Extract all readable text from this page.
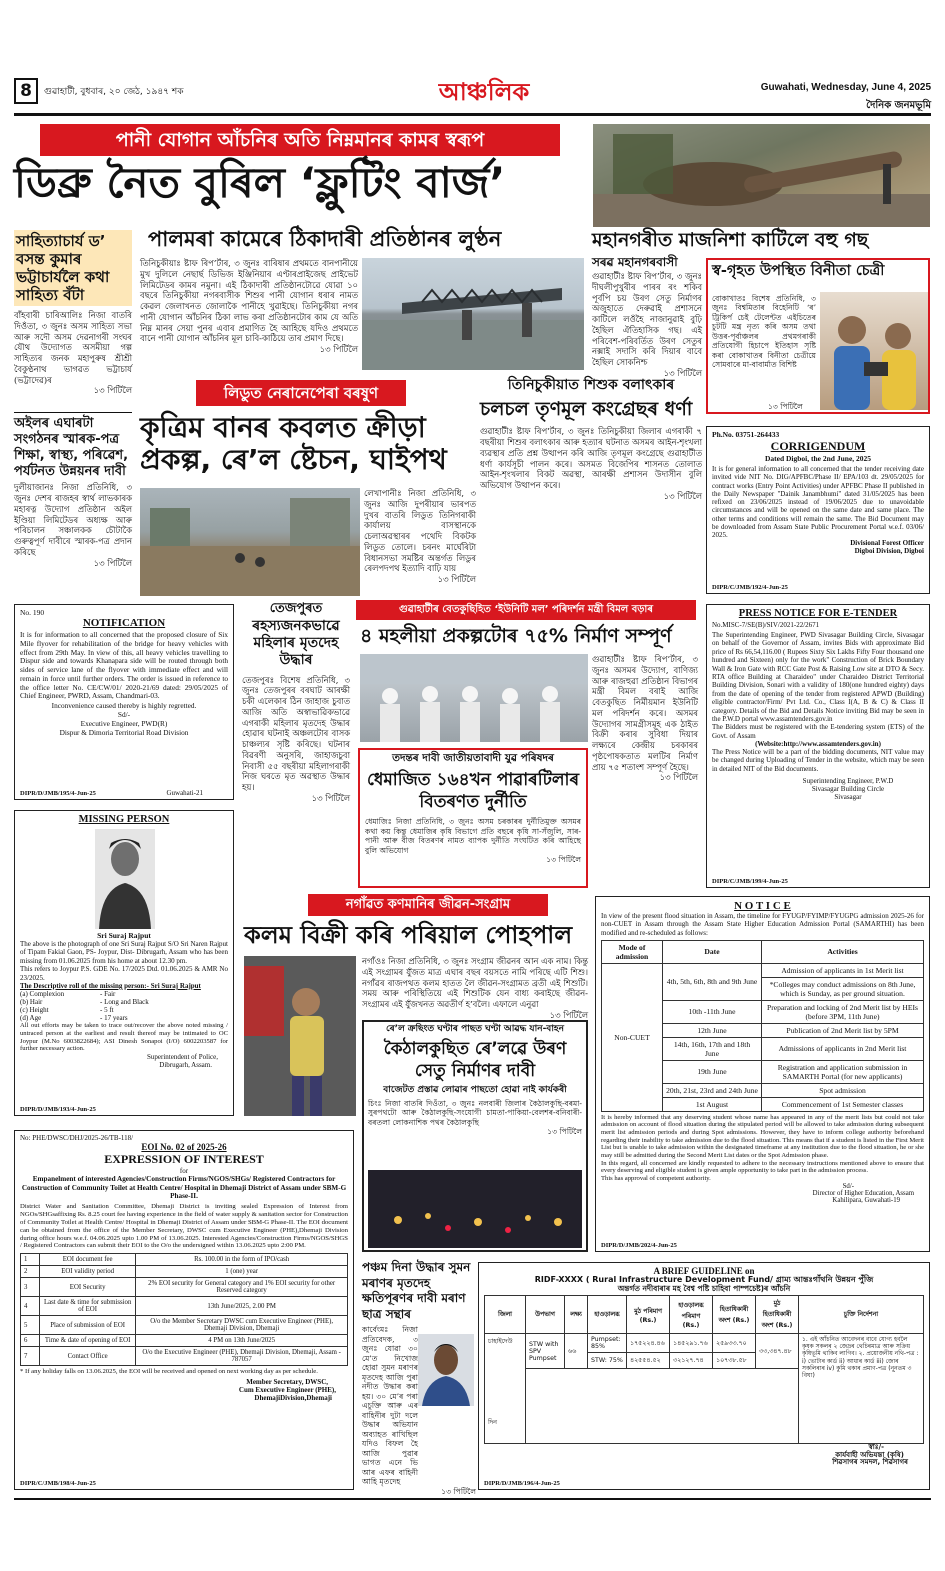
8	গুৱাহাটী, বুধবাৰ, ২০ জেঠ, ১৯৪৭ শক	আঞ্চলিক	Guwahati, Wednesday, June 4, 2025
দৈনিক জনমভূমি
পানী যোগান আঁচনিৰ অতি নিম্নমানৰ কামৰ স্বৰূপ
ডিব্ৰু নৈত বুৰিল ‘ফ্লুটিং বাৰ্জ’
সাহিত্যাচাৰ্য ড’ বসন্ত কুমাৰ ভট্টাচাৰ্যলৈ কথা সাহিত্য বঁটা
বাঁহবাৰী চাৰিআলিঃ নিজা বাতৰি দিওঁতা, ৩ জুনঃ অসম সাহিত্য সভা আৰু সদৌ অসম দেৱনাগৰী সংঘৰ যৌথ উদ্যোগত অসমীয়া গল্প সাহিত্যৰ জনক মহাপুৰুষ শ্ৰীশ্ৰী বৈকুণ্ঠনাথ ভাগৱত ভট্টাচাৰ্য (ভট্টাদেৱ)ৰ
১৩ পিটিলৈ
অইলৰ এঘাৰটা সংগঠনৰ স্মাৰক-পত্ৰ শিক্ষা, স্বাস্থ্য, পৰিৱেশ, পৰ্যটনত উন্নয়নৰ দাবী
দুলীয়াজানঃ নিজা প্ৰতিনিধি, ৩ জুনঃ দেশৰ ৰাজহৰ স্বাৰ্থ লাভকাৰক মহাৰত্ন উদ্যোগ প্ৰতিষ্ঠান অইল ইণ্ডিয়া লিমিটেডৰ অধ্যক্ষ আৰু পৰিচালন সঞ্চালকক চৌটাকৈ গুৰুত্বপূৰ্ণ দাবীৰে স্মাৰক-পত্ৰ প্ৰদান কৰিছে
১৩ পিটিলৈ
পালমৰা কামেৰে ঠিকাদাৰী প্ৰতিষ্ঠানৰ লুণ্ঠন
তিনিচুকীয়াঃ ষ্টাফ ৰিপ’ৰ্টাৰ, ৩ জুনঃ বাৰিষাৰ প্ৰথমতে বানপানীয়ে মুখ দুলিলে নেছাৰ্ছ ডিভিজ ইঞ্জিনিয়াৰ এণ্টাৰপ্ৰাইজেছ প্ৰাইভেট লিমিটেডৰ কামৰ নমুনা। এই ঠিকাদাৰী প্ৰতিষ্ঠানটোৱে যোৱা ১০ বছৰে তিনিচুকীয়া নগৰবাসীক শিশুৰ পানী যোগান ধৰাৰ নামত কেৱল জেলাখনত জোলাকৈ পানীহে খুৱাইছে। তিনিচুকীয়া নগৰ পানী যোগান আঁচনিৰ ঠিকা লাভ কৰা প্ৰতিষ্ঠানটোৰ কাম যে অতি নিম্ন মানৰ সেয়া পুনৰ এবাৰ প্ৰমাণিত হৈ আহিছে যদিও প্ৰথমতে বানে পানী যোগান আঁচনিৰ মূল চাবি-কাঠিয়ে তাৰ প্ৰমাণ দিছে।
১৩ পিটিলৈ
মহানগৰীত মাজনিশা কাটিলে বহু গছ
সৰৱ মহানগৰবাসী
গুৱাহাটীঃ ষ্টাফ ৰিপ’ৰ্টাৰ, ৩ জুনঃ দীঘলীপুখুৰীৰ পাৰৰ ৰং শকিব পূৰ্বপি চয় উৰণ সেতু নিৰ্মাণৰ অজুহাতে দেৰুৱাই প্ৰশাসনে কাটিলে লওঁহৈ নাজানুৱাই বুঢ়ি হৈছিল ঐতিহাসিক গছ। এই পৰিবেশ-পৰিবৰ্তিত উৰণ সেতুৰ নক্সাই সদাসি কৰি দিয়াৰ বাবে হৈছিল সোকনিশ্চ
১৩ পিটিলৈ
স্ব-গৃহত উপস্থিত বিনীতা চেত্ৰী
বোকাখাতঃ বিশেষ প্ৰতিনিধি, ৩ জুনঃ বিশ্বমিতাৰ বিহেনিটি ‘ৰ’ ট্ৰিকিৰ্প চেই টেলেন্টত এইচিতেৰ চুটটি মন্ত্ৰ নৃত্য কৰি অসম তথা উত্তৰ-পূৰ্বাঞ্চলৰ প্ৰথমগৰাকী প্ৰতিযোগী হিচাপে ইতিহাস সৃষ্টি কৰা বোকাখাতৰ বিনীতা চেত্ৰীয়ে সোমবাৰে মা-বাবাৰ্মাত বিশিষ্ট
১৩ পিটিলৈ
লিডুত নেৰানেপেৰা বৰষুণ
কৃত্ৰিম বানৰ কবলত ক্ৰীড়া প্ৰকল্প, ৰে’ল ষ্টেচন, ঘাইপথ
লেখাপানীঃ নিজা প্ৰতিনিধি, ৩ জুনঃ আজি দুপৰীয়াৰ ভাৰপত দুখৰ বাতৰি লিডুত তিনিগৰাকী কাৰ্যালয় বাসস্থানকে চেলাঅৱস্থাৰৰ পথেদি বিকটক লিডুত তোলে। চৰনং মাৰ্ঘেৰিটা বিধানসভা সমষ্টিৰ অন্তৰ্গত লিডুৰ ৰেলপদপথ ইত্যাদি বাঢ়ি যায়
১৩ পিটিলৈ
তিনিচুকীয়াত শিশুক বলাৎকাৰ
চলচল তৃণমূল কংগ্ৰেছৰ ধৰ্ণা
গুৱাহাটীঃ ষ্টাফ ৰিপ’ৰ্টাৰ, ৩ জুনঃ তিনিচুকীয়া জিলাৰ এগৰাকী ৭ বছৰীয়া শিশুৰ বলাৎকাৰ আৰু হত্যাৰ ঘটনাত অসমৰ আইন-শৃংখলা ব্যৱস্থাৰ প্ৰতি প্ৰশ্ন উত্থাপন কৰি আজি তৃণমূল কংগ্ৰেছে গুৱাহাটীত ধৰ্ণা কাৰ্যসূচী পালন কৰে। অসমত বিজেপিৰ শাসনত তোলাত আইন-শৃংখলাৰ বিকট অৱস্থা, আৰক্ষী প্ৰশাসন উদাসীন বুলি অভিযোগ উত্থাপন কৰে।
১৩ পিটিলৈ
Ph.No. 03751-264433
CORRIGENDUM
Dated Digboi, the 2nd June, 2025
It is for general information to all concerned that the tender receiving date invited vide NIT No. DIG/APFBC/Phase II/ EPA/103 dt. 29/05/2025 for contract works (Entry Point Activities) under APFBC Phase II published in the Daily Newspaper "Dainik Janambhumi" dated 31/05/2025 has been refixed on 23/06/2025 instead of 19/06/2025 due to unavoidable circumstances and will be opened on the same date and same place. The other terms and conditions will remain the same. The Bid Document may be downloaded from Assam State Public Procurement Portal w.e.f. 03/06/ 2025.
Divisional Forest Officer
Digboi Division, Digboi
DIPR/C/JMB/192/4-Jun-25
No. 190
NOTIFICATION
It is for information to all concerned that the proposed closure of Six Mile flyover for rehabilitation of the bridge for heavy vehicles with effect from 29th May. In view of this, all heavy vehicles travelling to Dispur side and towards Khanapara side will be routed through both sides of service lane of the flyover with immediate effect and will remain in force until further orders. The order is issued in reference to the office letter No. CE/CW/01/ 2020-21/69 dated: 29/05/2025 of Chief Engineer, PWRD, Assam, Chandmari-03.
Inconvenience caused thereby is highly regretted.
Sd/-
Executive Engineer, PWD(R)
Dispur & Dimoria Territorial Road Division
DIPR/D/JMB/195/4-Jun-25	Guwahati-21
তেজপুৰত
ৰহস্যজনকভাৱে মহিলাৰ মৃতদেহ উদ্ধাৰ
তেজপুৰঃ বিশেষ প্ৰতিনিধি, ৩ জুনঃ তেজপুৰৰ বৰঘাট আৰক্ষী চকী এলেকাৰ ঠিন জাহাজ চুবাত আজি অতি অস্বাভাৱিকভাৱে এগৰাকী মহিলাৰ মৃতদেহ উদ্ধাৰ হোৱাৰ ঘটনাই অঞ্চলটোৰ বাসক চাঞ্চল্যৰ সৃষ্টি কৰিছে। ঘটনাৰ বিৱৰণী অনুসৰি, জাহাজচুবা নিবাসী ৫৫ বছৰীয়া মহিলাগৰাকী নিজ ঘৰতে মৃত অৱস্থাত উদ্ধাৰ হয়।
১৩ পিটিলৈ
গুৱাহাটীৰ বেতকুছিহিত ‘ইউনিটি মল’ পৰিদৰ্শন মন্ত্ৰী বিমল বড়াৰ
৪ মহলীয়া প্ৰকল্পটোৰ ৭৫% নিৰ্মাণ সম্পূৰ্ণ
গুৱাহাটীঃ ষ্টাফ ৰিপ’ৰ্টাৰ, ৩ জুনঃ অসমৰ উদ্যোগ, বাণিজ্য আৰু ৰাজহুৱা প্ৰতিষ্ঠান বিভাগৰ মন্ত্ৰী বিমল বৰাই আজি বেতকুছিত নিৰ্মীয়মান ইউনিটি মল পৰিদৰ্শন কৰে। অসমৰ উদ্যোগৰ সামগ্ৰীসমূহ এক ঠাইত বিক্ৰী কৰাৰ সুবিধা দিয়াৰ লক্ষ্যৰে কেন্দ্ৰীয় চৰকাৰৰ পৃষ্ঠপোষকতাত মলটিৰ নিৰ্মাণ প্ৰায় ৭৫ শতাংশ সম্পূৰ্ণ হৈছে।
১৩ পিটিলৈ
তদন্তৰ দাবী জাতীয়তাবাদী যুৱ পৰিষদৰ
ধেমাজিত ১৬৪খন পাৱাৰটিলাৰ বিতৰণত দুৰ্নীতি
ধেমাজিঃ নিজা প্ৰতিনিধি, ৩ জুনঃ অসম চৰকাৰৰ দুৰ্নীতিমুক্ত অসমৰ কথা কয় কিন্তু ধেমাজিৰ কৃষি বিভাগে প্ৰতি বছৰে কৃষি সা-সঁজুলি, সাৰ-পানী আৰু বীজ বিতৰণৰ নামত ব্যাপক দুৰ্নীতি সংঘটিত কৰি আহিছে বুলি অভিযোগ
১৩ পিটিলৈ
PRESS NOTICE FOR E-TENDER
No.MISC-7/SE(B)/SIV/2021-22/2671
The Superintending Engineer, PWD Sivasagar Building Circle, Sivasagar on behalf of the Governor of Assam, invites Bids with approximate Bid price of Rs 66,54,116.00 ( Rupees Sixty Six Lakhs Fifty Four thousand one hundred and Sixteen) only for the work" Construction of Brick Boundary Wall & Iron Gate with RCC Gate Post & Raising Low site at DTO & Secy. RTA office Building at Charaideo" under Charaideo District Territorial Building Division, Sonari with a validity of 180(one hundred eighty) days from the date of opening of the tender from registered APWD (Building) eligible contractor/Firm/ Pvt Ltd. Co., Class I(A, B & C) & Class II category. Details of the Bid and Details Notice inviting Bid may be seen in the P.W.D portal www.assamtenders.gov.in
The Bidders must be registered with the E-tendering system (ETS) of the Govt. of Assam
(Website:http://www.assamtenders.gov.in)
The Press Notice will be a part of the bidding documents, NIT value may be changed during Uploading of Tender in the website, which may be seen in detailed NIT of the Bid documents.
Superintending Engineer, P.W.D
Sivasagar Building Circle
Sivasagar
DIPR/C/JMB/199/4-Jun-25
MISSING PERSON
Sri Suraj Rajput
The above is the photograph of one Sri Suraj Rajput S/O Sri Naren Rajput of Tipam Fakial Gaon, PS- Joypur, Dist- Dibrugarh, Assam who has been missing from 01.06.2025 from his home at about 12.30 pm.
This refers to Joypur P.S. GDE No. 17/2025 Dtd. 01.06.2025 & AMR No 23/2025.
The Descriptive roll of the missing person:- Sri Suraj Rajput
(a) Complexion	- Fair
(b) Hair	- Long and Black
(c) Height	- 5 ft
(d) Age	- 17 years
All out efforts may be taken to trace out/recover the above noted missing / untraced person at the earliest and result thereof may be intimated to OC Joypur (M.No 6003822684); ASI Dinesh Sonapoi (I/O) 6002203587 for further necessary action.
Superintendent of Police,
Dibrugarh, Assam.
DIPR/D/JMB/193/4-Jun-25
নগাঁৱত কণমানিৰ জীৱন-সংগ্ৰাম
কলম বিক্ৰী কৰি পৰিয়াল পোহপাল
নগাঁওঃ নিজা প্ৰতিনিধি, ৩ জুনঃ সংগ্ৰাম জীৱনৰ আন এক নাম। কিন্তু এই সংগ্ৰামৰ যুঁজত মাত্ৰ এঘাৰ বছৰ বয়সতে নামি পৰিছে এটি শিশু। নগাঁৱৰ ৰাজপথত কলম হাতত লৈ জীৱন-সংগ্ৰামত ব্ৰতী এই শিশুটি। সময় আৰু পৰিস্থিতিয়ে এই শিশুটিক যেন বাধ্য কৰাইছে জীৱন-সংগ্ৰামৰ এই যুঁজখনত অৱতীৰ্ণ হ’বলৈ। এফালে এনুৱা
১৩ পিটিলৈ
ৰে’ল ক্ৰছিংত ঘণ্টাৰ পাছত ঘণ্টা আৱদ্ধ যান-বাহন
কৈঠালকুছিত ৰে’লৱে উৰণ সেতু নিৰ্মাণৰ দাবী
বাজেটত প্ৰস্তাৱ লোৱাৰ পাছতো হোৱা নাই কাৰ্যকৰী
চিংঃ নিজা বাতৰি দিওঁতা, ৩ জুনঃ নলবাৰী জিলাৰ কৈঠালকুছি-বৰমা-সুৰপথটো আৰু কৈঠালকুছি-সংযোগী চামতা-পাকিয়া-বেলশৰ-বনিবাৰী-বৰতলা লোকনাশিক পথৰ কৈঠালকুছি
১৩ পিটিলৈ
N O T I C E
In view of the present flood situation in Assam, the timeline for FYUGP/FYIMP/FYUGPG admission 2025-26 for non-CUET in Assam through the Assam State Higher Education Admission Portal (SAMARTHI) has been modified and re-scheduled as follows:
Mode of admission	Date	Activities
Non-CUET	4th, 5th, 6th, 8th and 9th June	Admission of applicants in 1st Merit list
		*Colleges may conduct admissions on 8th June, which is Sunday, as per ground situation.
	10th -11th June	Preparation and locking of 2nd Merit list by HEIs (before 3PM, 11th June)
	12th June	Publication of 2nd Merit list by 5PM
	14th, 16th, 17th and 18th June	Admissions of applicants in 2nd Merit list
	19th June	Registration and application submission in SAMARTH Portal (for new applicants)
	20th, 21st, 23rd and 24th June	Spot admission
	1st August	Commencement of 1st Semester classes
It is hereby informed that any deserving student whose name has appeared in any of the merit lists but could not take admission on account of flood situation during the stipulated period will be allowed to take admission during subsequent merit list admission periods and during Spot admissions. However, they have to inform college authority beforehand regarding their inability to take admission due to the flood situation. This means that if a student is listed in the First Merit List but is unable to take admission within the designated timeframe at any institution due to the flood situation, he or she may still be admitted during the Second Merit List dates or the Spot Admission phase.
In this regard, all concerned are kindly requested to adhere to the necessary instructions mentioned above to ensure that every deserving and eligible student is given ample opportunity to take part in the admission process.
This has approval of competent authority.
Sd/-
Director of Higher Education, Assam
Kahilipara, Guwahati-19
DIPR/D/JMB/202/4-Jun-25
No: PHE/DWSC/DHJ/2025-26/TB-118/
EOI No. 02 of 2025-26
EXPRESSION OF INTEREST
for
Empanelment of interested Agencies/Construction Firms/NGOS/SHGs/ Registered Contractors for Construction of Community Toilet at Health Centre/ Hospital in Dhemaji District of Assam under SBM-G Phase-II.
District Water and Sanitation Committee, Dhemaji District is inviting sealed Expression of Interest from NGOs/SHGsaffixing Rs. 8.25 court fee having experience in the field of water supply & sanitation sector for Construction of Community Toilet at Health Centre/ Hospital in Dhemaji District of Assam under SBM-G Phase-II. The EOI document can be obtained from the office of the Member Secretary, DWSC cum Executive Engineer (PHE),Dhemaji Division during office hours w.e.f. 04.06.2025 upto 1.00 PM of 13.06.2025. Interested Agencies/Construction Firms/NGOS/SHGS / Registered Contractors can submit their EOI to the O/o the undersigned within 13.06.2025 upto 2:00 PM.
1	EOI document fee	Rs. 100.00 in the form of IPO/cash
2	EOI validity period	1 (one) year
3	EOI Security	2% EOI security for General category and 1% EOI security for other Reserved category
4	Last date & time for submission of EOI	13th June/2025, 2.00 PM
5	Place of submission of EOI	O/o the Member Secretary DWSC cum Executive Engineer (PHE), Dhemaji Division, Dhemaji
6	Time & date of opening of EOI	4 PM on 13th June/2025
7	Contact Office	O/o the Executive Engineer (PHE), Dhemaji Division, Dhemaji, Assam - 787057
* If any holiday falls on 13.06.2025, the EOI will be received and opened on next working day as per schedule.
Member Secretary, DWSC,
Cum Executive Engineer (PHE),
DhemajiDivision,Dhemaji
DIPR/C/JMB/198/4-Jun-25
পঞ্চম দিনা উদ্ধাৰ সুমন মৰাণৰ মৃতদেহ ক্ষতিপূৰণৰ দাবী মৰাণ ছাত্ৰ সন্থাৰ
কাৰ্বেংমঃ নিজা প্ৰতিবেদক, ৩ জুনঃ যোৱা ৩০ মে’ত নিখোজ হোৱা সুমন মৰাণৰ মৃতদেহ আজি পুৰা নদীত উদ্ধাৰ কৰা হয়। ৩০ মে’ৰ পৰা এচুক্তি আৰু এৰ বাহিনীৰ দুটা দলে উদ্ধাৰ অভিযান অব্যাহত ৰাখিছিল যদিও বিফল হৈ আজি পুৱাৰ ভাগত এনে ভি আৰ এফৰ বাহিনী আহি মৃতদেহ
১৩ পিটিলৈ
A BRIEF GUIDELINE on
RIDF-XXXX ( Rural Infrastructure Development Fund/ গ্ৰাম্য আন্তঃগাঁথনি উন্নয়ন পুঁজি
অন্তৰ্গত নদীবাৰাৰ মহ বৈশ্ব পষ্টি চাহিবা পাম্পচেষ্ট)ৰ আঁচনি
জিলা	উপভাগ	লক্ষ্য	হাওড়ালব্ধ	মুঠ পৰিমাণ (Rs.)	হাওড়ালব্ধ পৰিমাণ (Rs.)	হিতাধিকাৰী অংশ (Rs.)	মুঠ হিতাধিকাৰী অংশ (Rs.)	চুক্তি নিৰ্দেশনা

চাহাইদেউ
দিন	STW with SPV Pumpset	৬৬	Pumpset: 85%	১৭৫২২৪.৪৬	১৪৫২৯১.৭৬	২৫৯৩৩.৭০	৩৩,৩৪৭.৪৮	১. এই আঁচনিত আবেদনৰ বাবে যোগ্য হবলৈ কৃষক সকলৰ ২ জেদ্ৰৰ থেচিৰমাত্ৰ আৰু সক্ৰিয় কৃষিভূমি থাকিব লাগিব। ২. প্ৰয়োজনীয় নথি-পত্ৰ : i) ভোটাৰ কাৰ্ড ii) আধাৰ কাৰ্ড iii) জোৰ সকলিৰাৰ iv) কুমি থকাৰ প্ৰমাণ-পত্ৰ (নূ্নতম ৩ বিঘা)
			STW: 75%	৪২৫৫৪.৫২	৩২১২৭.৭৪	১০৭৩৮.৫৮		

স্বাঃ/-
কাৰ্যবাহী অভিযন্তা (কৃষি)
শিৱসাগৰ সমদল, শিৱসাগৰ
DIPR/D/JMB/196/4-Jun-25
